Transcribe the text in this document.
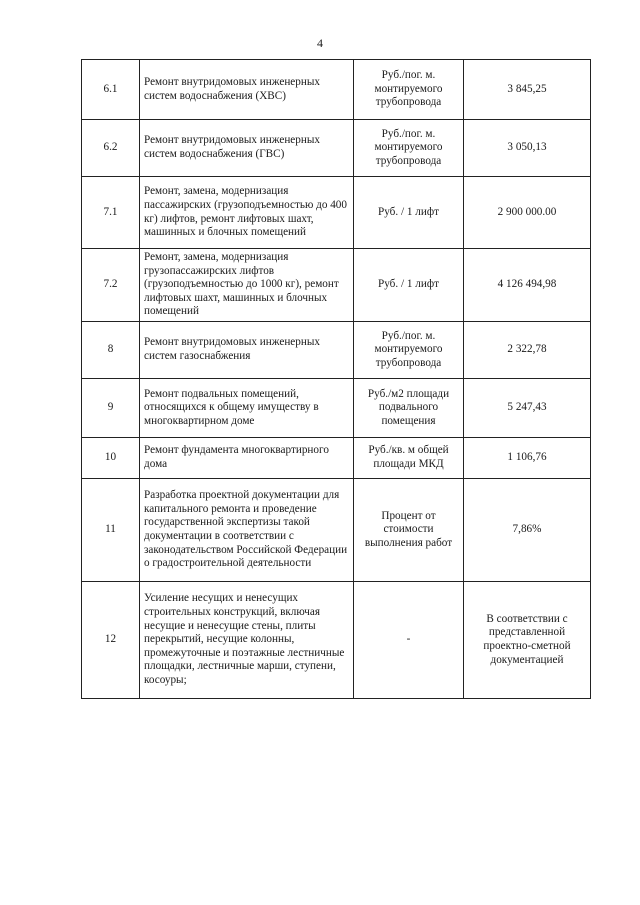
4
6.1	Ремонт внутридомовых инженерных систем водоснабжения (ХВС)	Руб./пог. м. монтируемого трубопровода	3 845,25
6.2	Ремонт внутридомовых инженерных систем водоснабжения (ГВС)	Руб./пог. м. монтируемого трубопровода	3 050,13
7.1	Ремонт, замена, модернизация пассажирских (грузоподъемностью до 400 кг) лифтов, ремонт лифтовых шахт, машинных и блочных помещений	Руб. / 1 лифт	2 900 000.00
7.2	Ремонт, замена, модернизация грузопассажирских лифтов (грузоподъемностью до 1000 кг), ремонт лифтовых шахт, машинных и блочных помещений	Руб. / 1 лифт	4 126 494,98
8	Ремонт внутридомовых инженерных систем газоснабжения	Руб./пог. м. монтируемого трубопровода	2 322,78
9	Ремонт подвальных помещений, относящихся к общему имуществу в многоквартирном доме	Руб./м2 площади подвального помещения	5 247,43
10	Ремонт фундамента многоквартирного дома	Руб./кв. м общей площади МКД	1 106,76
11	Разработка проектной документации для капитального ремонта и проведение государственной экспертизы такой документации в соответствии с законодательством Российской Федерации о градостроительной деятельности	Процент от стоимости выполнения работ	7,86%
12	Усиление несущих и ненесущих строительных конструкций, включая несущие и ненесущие стены, плиты перекрытий, несущие колонны, промежуточные и поэтажные лестничные площадки, лестничные марши, ступени, косоуры;	-	В соответствии с представленной проектно-сметной документацией
